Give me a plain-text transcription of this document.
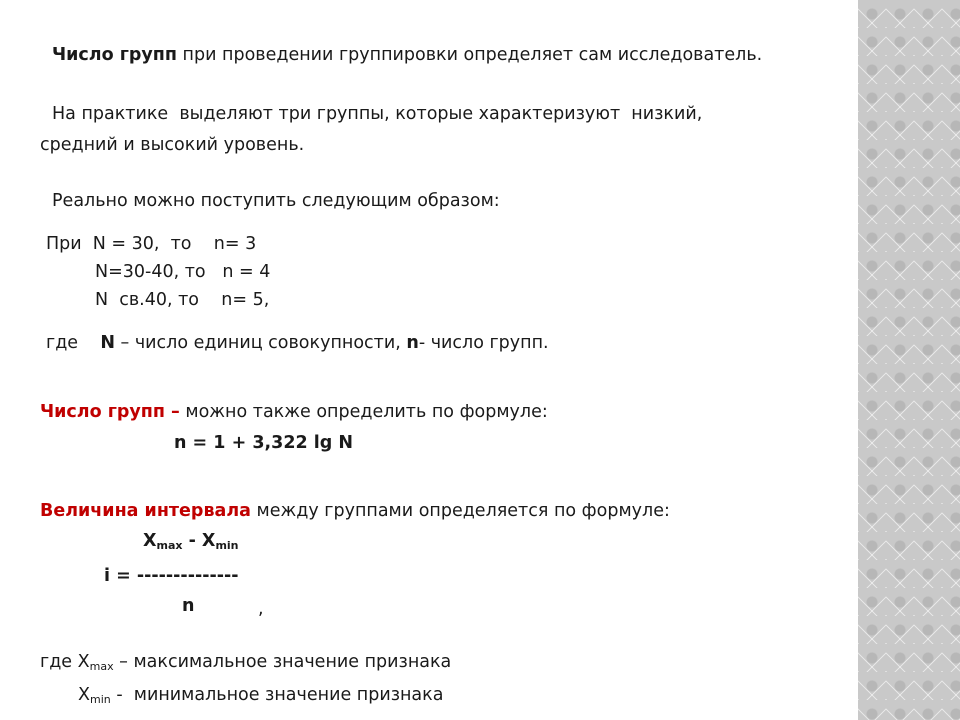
Число групп при проведении группировки определяет сам исследователь.
На практике  выделяют три группы, которые характеризуют  низкий,
средний и высокий уровень.
Реально можно поступить следующим образом:
При  N = 30,  то    n= 3
N=30-40, то   n = 4
N  св.40, то    n= 5,
где    N – число единиц совокупности, n- число групп.
Число групп – можно также определить по формуле:
n = 1 + 3,322 lg N
Величина интервала между группами определяется по формуле:
$X_{max} - X_{min}$
i = --------------
n	,
где $X_{max}$ – максимальное значение признака
$X_{min}$ -  минимальное значение признака
